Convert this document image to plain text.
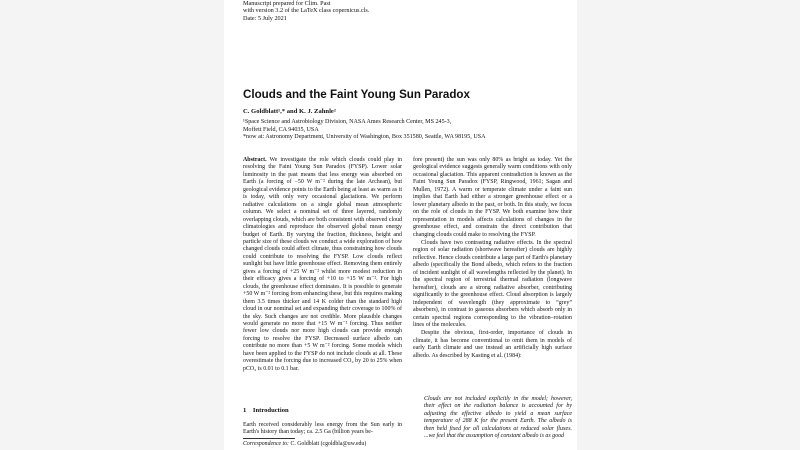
Manuscript prepared for Clim. Past
with version 3.2 of the LaTeX class copernicus.cls.
Date: 5 July 2021
Clouds and the Faint Young Sun Paradox
C. Goldblatt¹,* and K. J. Zahnle²
¹Space Science and Astrobiology Division, NASA Ames Research Center, MS 245-3,
Moffett Field, CA 94035, USA
*now at: Astronomy Department, University of Washington, Box 351580, Seattle, WA 98195, USA

Abstract. We investigate the role which clouds could play in resolving the Faint Young Sun Paradox (FYSP). Lower solar luminosity in the past means that less energy was absorbed on Earth (a forcing of −50 W m⁻² during the late Archean), but geological evidence points to the Earth being at least as warm as it is today, with only very occasional glaciations. We perform radiative calculations on a single global mean atmospheric column. We select a nominal set of three layered, randomly overlapping clouds, which are both consistent with observed cloud climatologies and reproduce the observed global mean energy budget of Earth. By varying the fraction, thickness, height and particle size of these clouds we conduct a wide exploration of how changed clouds could affect climate, thus constraining how clouds could contribute to resolving the FYSP. Low clouds reflect sunlight but have little greenhouse effect. Removing them entirely gives a forcing of +25 W m⁻² whilst more modest reduction in their efficacy gives a forcing of +10 to +15 W m⁻². For high clouds, the greenhouse effect dominates. It is possible to generate +50 W m⁻² forcing from enhancing these, but this requires making them 3.5 times thicker and 14 K colder than the standard high cloud in our nominal set and expanding their coverage to 100% of the sky. Such changes are not credible. More plausible changes would generate no more that +15 W m⁻² forcing. Thus neither fewer low clouds nor more high clouds can provide enough forcing to resolve the FYSP. Decreased surface albedo can contribute no more than +5 W m⁻² forcing. Some models which have been applied to the FYSP do not include clouds at all. These overestimate the forcing due to increased CO₂ by 20 to 25% when pCO₂ is 0.01 to 0.1 bar.

1 Introduction
Earth received considerably less energy from the Sun early in Earth's history than today; ca. 2.5 Ga (billion years be-
Correspondence to: C. Goldblatt (cgoldbla@uw.edu)

fore present) the sun was only 80% as bright as today. Yet the geological evidence suggests generally warm conditions with only occasional glaciation. This apparent contradiction is known as the Faint Young Sun Paradox (FYSP, Ringwood, 1961; Sagan and Mullen, 1972). A warm or temperate climate under a faint sun implies that Earth had either a stronger greenhouse effect or a lower planetary albedo in the past, or both. In this study, we focus on the role of clouds in the FYSP. We both examine how their representation in models affects calculations of changes in the greenhouse effect, and constrain the direct contribution that changing clouds could make to resolving the FYSP.

Clouds have two contrasting radiative effects. In the spectral region of solar radiation (shortwave hereafter) clouds are highly reflective. Hence clouds contribute a large part of Earth's planetary albedo (specifically the Bond albedo, which refers to the fraction of incident sunlight of all wavelengths reflected by the planet). In the spectral region of terrestrial thermal radiation (longwave hereafter), clouds are a strong radiative absorber, contributing significantly to the greenhouse effect. Cloud absorption is largely independent of wavelength (they approximate to “grey” absorbers), in contrast to gaseous absorbers which absorb only in certain spectral regions corresponding to the vibration–rotation lines of the molecules.

Despite the obvious, first-order, importance of clouds in climate, it has become conventional to omit them in models of early Earth climate and use instead an artificially high surface albedo. As described by Kasting et al. (1984):

Clouds are not included explicitly in the model; however, their effect on the radiation balance is accounted for by adjusting the effective albedo to yield a mean surface temperature of 288 K for the present Earth. The albedo is then held fixed for all calculations at reduced solar fluxes. ...we feel that the assumption of constant albedo is as good
